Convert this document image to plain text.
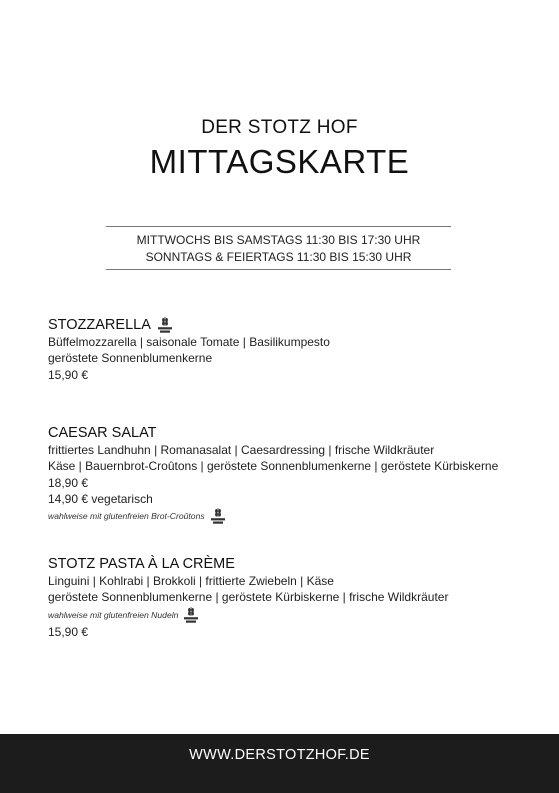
DER STOTZ HOF
MITTAGSKARTE
MITTWOCHS BIS SAMSTAGS 11:30 BIS 17:30 UHR
SONNTAGS & FEIERTAGS 11:30 BIS 15:30 UHR
STOZZARELLA
Büffelmozzarella | saisonale Tomate | Basilikumpesto
geröstete Sonnenblumenkerne
15,90 €
CAESAR SALAT
frittiertes Landhuhn | Romanasalat | Caesardressing | frische Wildkräuter
Käse | Bauernbrot-Croûtons | geröstete Sonnenblumenkerne | geröstete Kürbiskerne
18,90 €
14,90 € vegetarisch
wahlweise mit glutenfreien Brot-Croûtons
STOTZ PASTA À LA CRÈME
Linguini | Kohlrabi | Brokkoli | frittierte Zwiebeln | Käse
geröstete Sonnenblumenkerne | geröstete Kürbiskerne | frische Wildkräuter
wahlweise mit glutenfreien Nudeln
15,90 €
WWW.DERSTOTZHOF.DE
